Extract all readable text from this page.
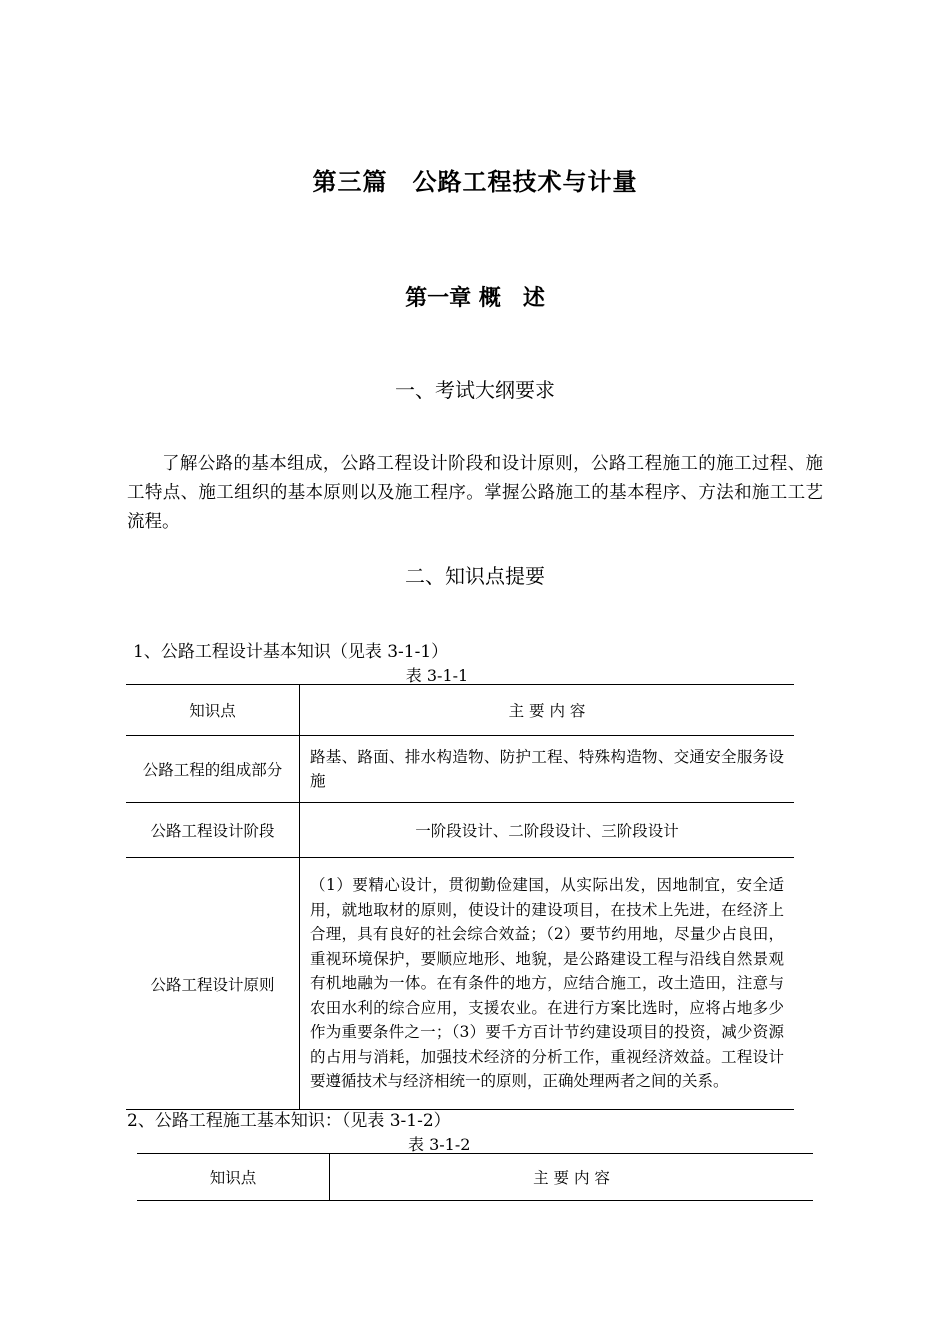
第三篇　公路工程技术与计量
第一章 概　述
一、考试大纲要求
了解公路的基本组成，公路工程设计阶段和设计原则，公路工程施工的施工过程、施工特点、施工组织的基本原则以及施工程序。掌握公路施工的基本程序、方法和施工工艺流程。
二、知识点提要
1、公路工程设计基本知识（见表 3-1-1）
表 3-1-1
知识点	主 要 内 容
公路工程的组成部分	路基、路面、排水构造物、防护工程、特殊构造物、交通安全服务设施
公路工程设计阶段	一阶段设计、二阶段设计、三阶段设计
公路工程设计原则	（1）要精心设计，贯彻勤俭建国，从实际出发，因地制宜，安全适用，就地取材的原则，使设计的建设项目，在技术上先进，在经济上合理，具有良好的社会综合效益；（2）要节约用地，尽量少占良田，重视环境保护，要顺应地形、地貌，是公路建设工程与沿线自然景观有机地融为一体。在有条件的地方，应结合施工，改土造田，注意与农田水利的综合应用，支援农业。在进行方案比选时，应将占地多少作为重要条件之一；（3）要千方百计节约建设项目的投资，减少资源的占用与消耗，加强技术经济的分析工作，重视经济效益。工程设计要遵循技术与经济相统一的原则，正确处理两者之间的关系。
2、公路工程施工基本知识：（见表 3-1-2）
表 3-1-2
知识点	主 要 内 容
